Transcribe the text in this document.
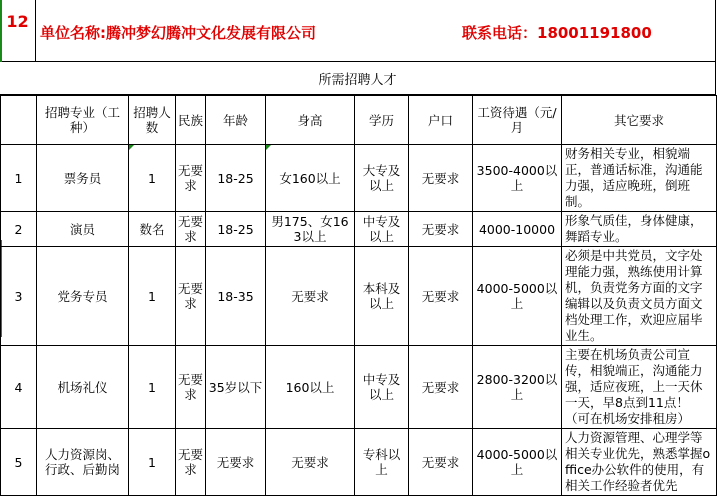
12
单位名称:腾冲梦幻腾冲文化发展有限公司	联系电话：18001191800
所需招聘人才
	招聘专业（工种）	招聘人数	民族	年龄	身高	学历	户口	工资待遇（元/月	其它要求
1	票务员	1	无要求	18-25	女160以上	大专及以上	无要求	3500-4000以上	财务相关专业，相貌端正，普通话标准，沟通能力强，适应晚班，倒班制。
2	演员	数名	无要求	18-25	男175、女163以上	中专及以上	无要求	4000-10000	形象气质佳，身体健康，舞蹈专业。
3	党务专员	1	无要求	18-35	无要求	本科及以上	无要求	4000-5000以上	必须是中共党员，文字处理能力强，熟练使用计算机，负责党务方面的文字编辑以及负责文员方面文档处理工作，欢迎应届毕业生。
4	机场礼仪	1	无要求	35岁以下	160以上	中专及以上	无要求	2800-3200以上	主要在机场负责公司宣传，相貌端正，沟通能力强，适应夜班，上一天休一天，早8点到11点！（可在机场安排租房）
5	人力资源岗、行政、后勤岗	1	无要求	无要求	无要求	专科以上	无要求	4000-5000以上	人力资源管理、心理学等相关专业优先，熟悉掌握office办公软件的使用，有相关工作经验者优先
